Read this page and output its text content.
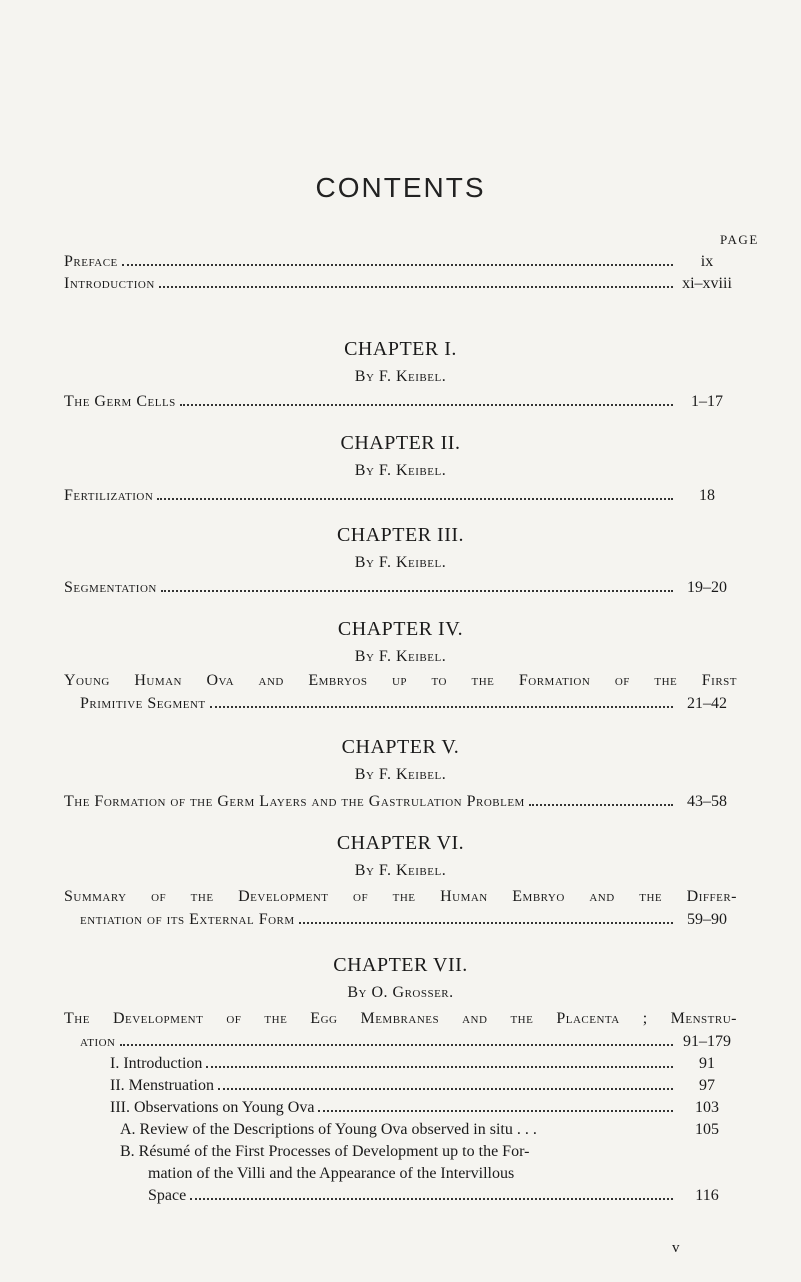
CONTENTS
PAGE
Preface	ix
Introduction	xi–xviii
CHAPTER I.
By F. Keibel.
The Germ Cells	1–17
CHAPTER II.
By F. Keibel.
Fertilization	18
CHAPTER III.
By F. Keibel.
Segmentation	19–20
CHAPTER IV.
By F. Keibel.
Young Human Ova and Embryos up to the Formation of the First
Primitive Segment	21–42
CHAPTER V.
By F. Keibel.
The Formation of the Germ Layers and the Gastrulation Problem	43–58
CHAPTER VI.
By F. Keibel.
Summary of the Development of the Human Embryo and the Differ-
entiation of its External Form	59–90
CHAPTER VII.
By O. Grosser.
The Development of the Egg Membranes and the Placenta ; Menstru-
ation	91–179
I. Introduction	91
II. Menstruation	97
III. Observations on Young Ova	103
A. Review of the Descriptions of Young Ova observed in situ . . .	105
B. Résumé of the First Processes of Development up to the For-
mation of the Villi and the Appearance of the Intervillous
Space	116
v
